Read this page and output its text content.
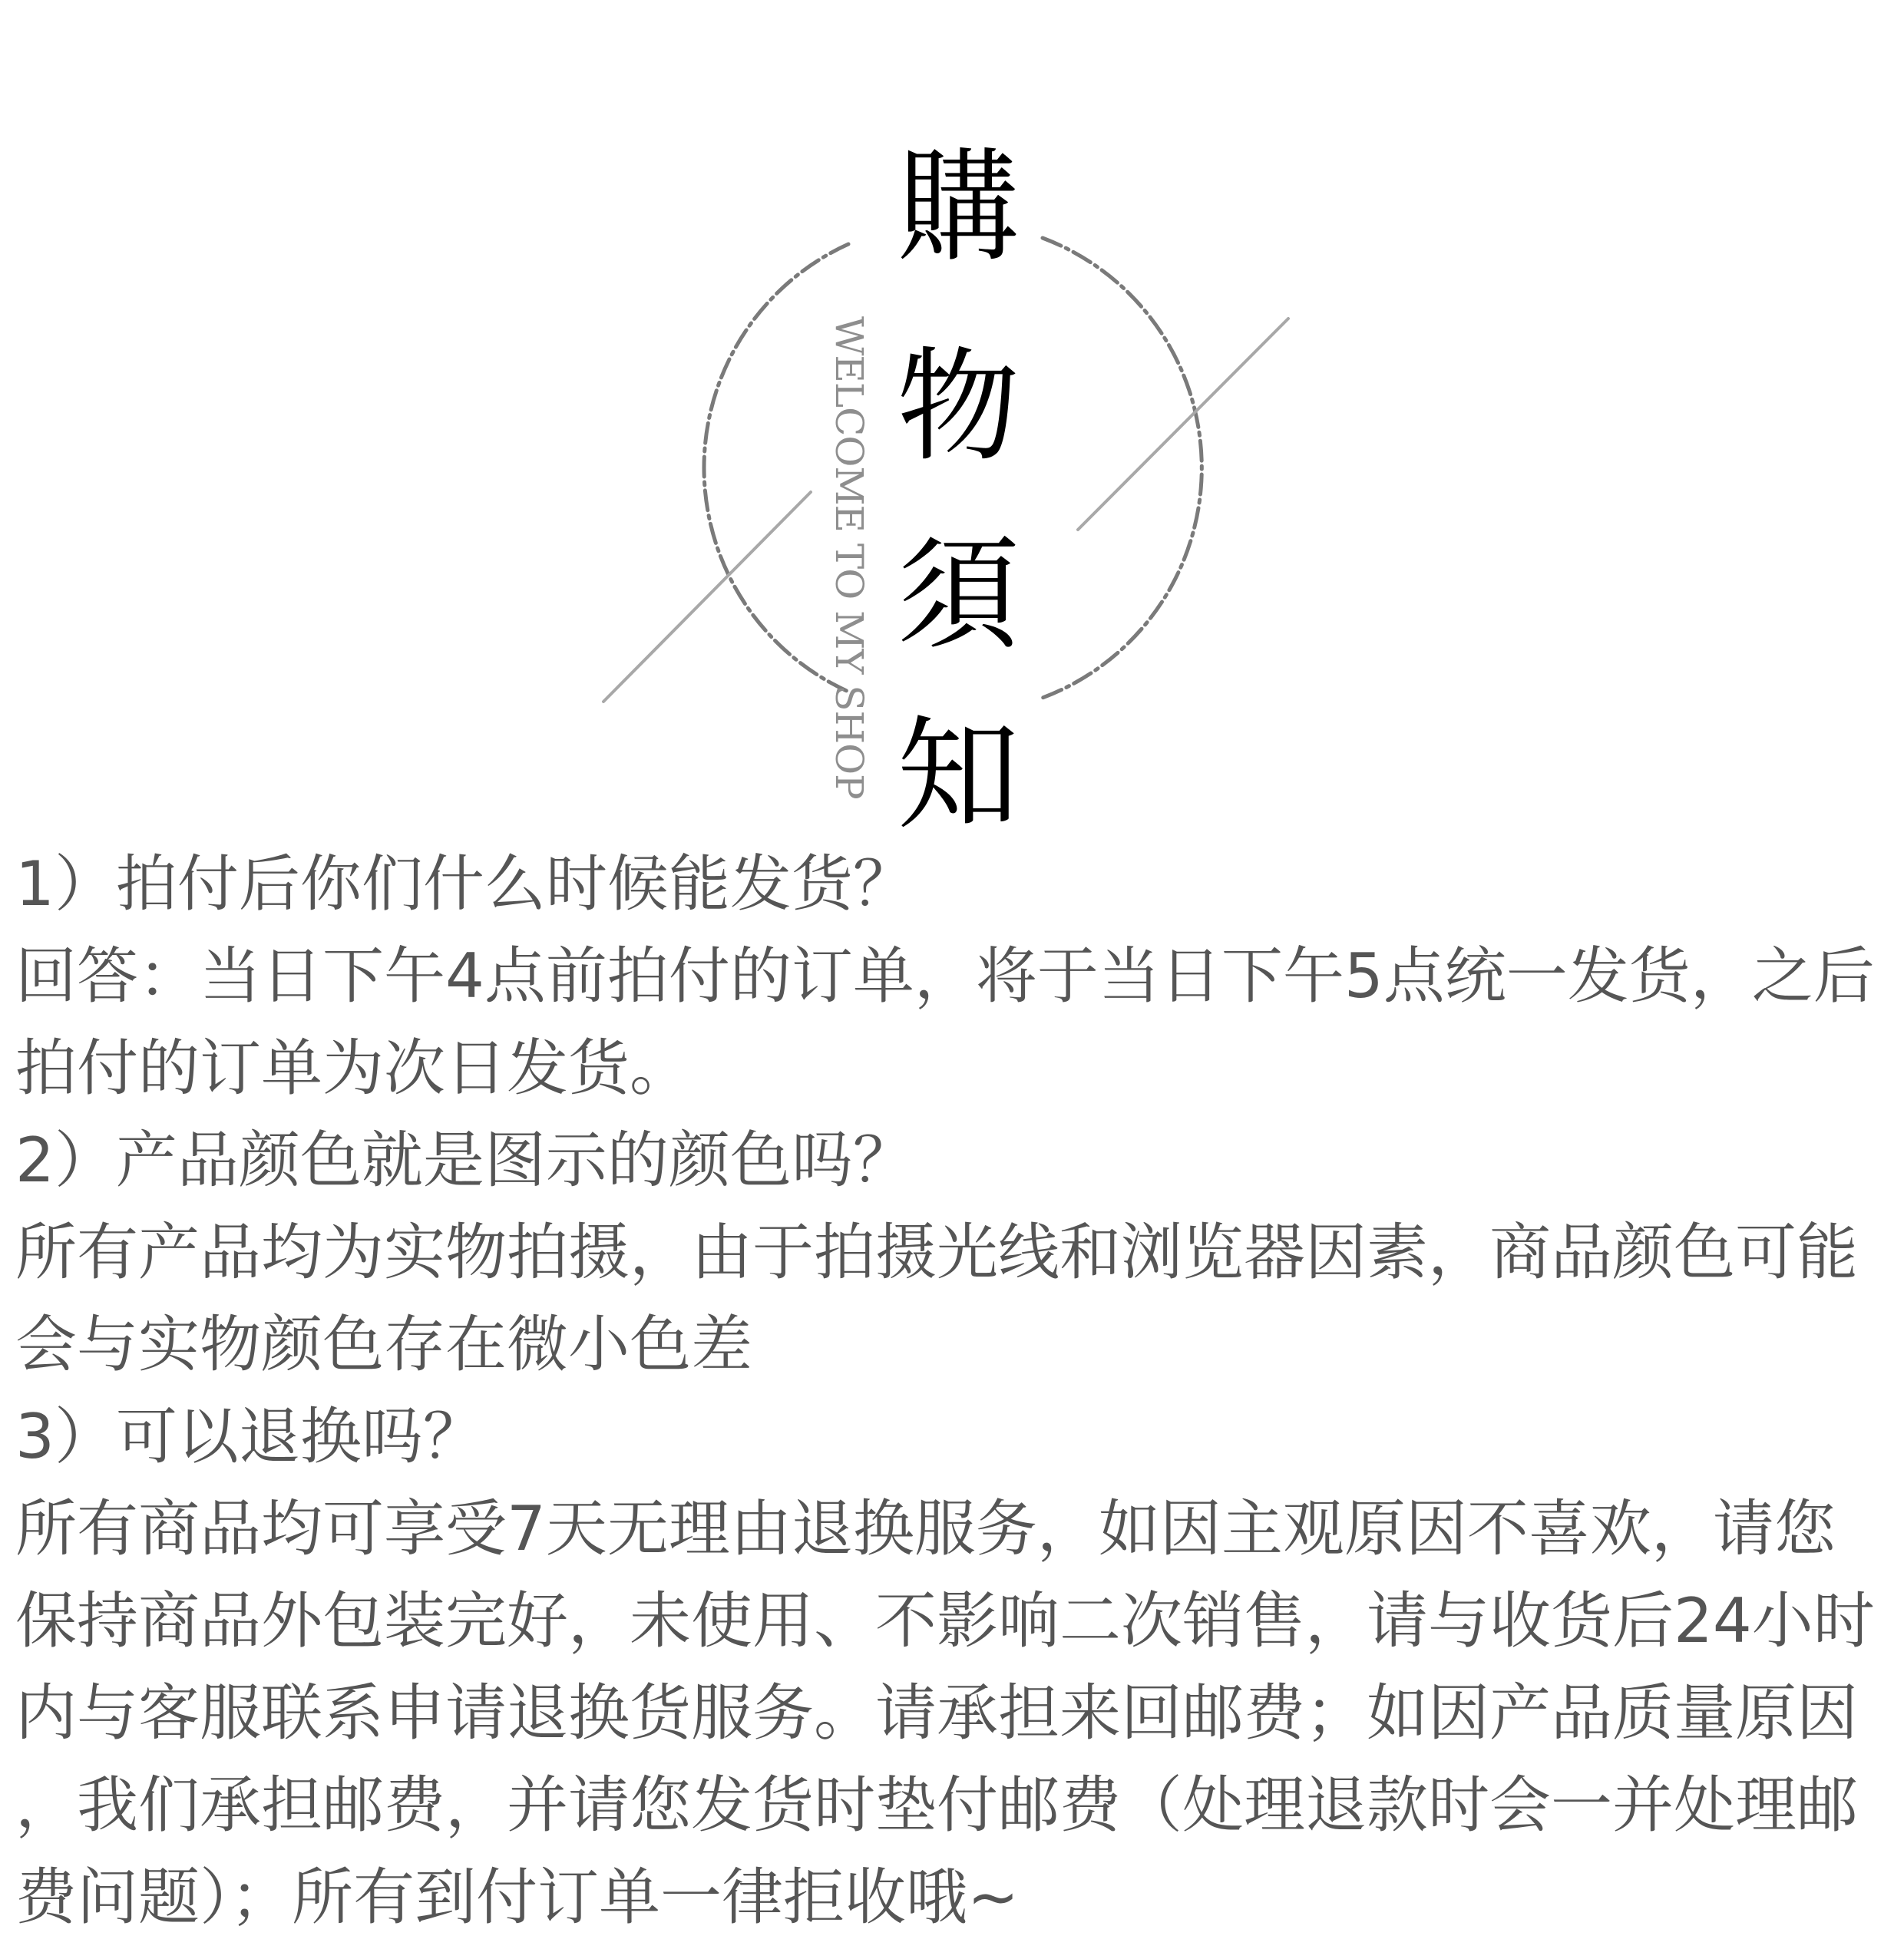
購
物
須
知
WELCOME TO MY SHOP

1）拍付后你们什么时候能发货？

回答：当日下午4点前拍付的订单，将于当日下午5点统一发货，之后

拍付的订单为次日发货。

2）产品颜色就是图示的颜色吗？

所有产品均为实物拍摄，由于拍摄光线和浏览器因素，商品颜色可能

会与实物颜色存在微小色差

3）可以退换吗？

所有商品均可享受7天无理由退换服务，如因主观原因不喜欢，请您

保持商品外包装完好，未使用、不影响二次销售，请与收货后24小时

内与客服联系申请退换货服务。请承担来回邮费；如因产品质量原因

，我们承担邮费，并请您发货时垫付邮费（处理退款时会一并处理邮

费问题）；所有到付订单一律拒收哦~
